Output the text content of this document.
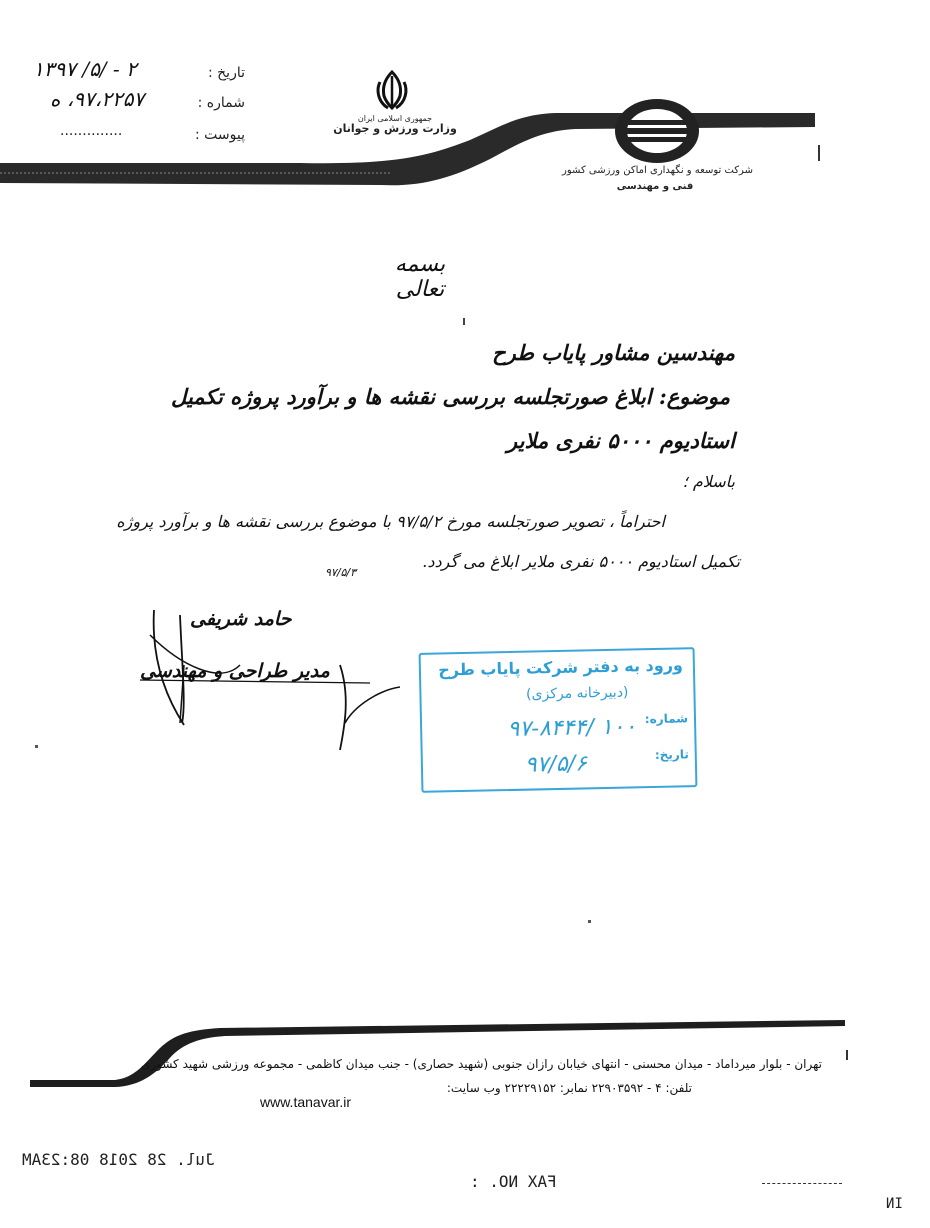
تاریخ :
۱۳۹۷ /۵/ - ۲
شماره :
۹۷،۲۲۵۷، ه
پیوست :
..............
جمهوری اسلامی ایران
وزارت ورزش و جوانان
شرکت توسعه و نگهداری اماکن ورزشی کشور
فنی و مهندسی
بسمه تعالی
مهندسین مشاور پایاب طرح
موضوع: ابلاغ صورتجلسه بررسی نقشه ها و برآورد پروژه تکمیل
استادیوم ۵۰۰۰ نفری ملایر
باسلام ؛
احتراماً ، تصویر صورتجلسه مورخ ۹۷/۵/۲ با موضوع بررسی نقشه ها و برآورد پروژه
تکمیل استادیوم ۵۰۰۰ نفری ملایر ابلاغ می گردد.
۹۷/۵/۳
حامد شریفی
مدیر طراحی و مهندسی	ورود به دفتر شرکت پایاب طرح
(دبیرخانه مرکزی)
شماره:
۱۰۰ /۹۷-۸۴۴۴
تاریخ:
۹۷/۵/۶
تهران - بلوار میرداماد - میدان محسنی - انتهای خیابان رازان جنوبی (شهید حصاری) - جنب میدان کاظمی - مجموعه ورزشی شهید کشوری
تلفن: ۴ - ۲۲۹۰۳۵۹۲ نمابر: ۲۲۲۲۹۱۵۲ وب سایت:
www.tanavar.ir
Jul. 28 2018 08:23AM
FAX NO. :
IN
